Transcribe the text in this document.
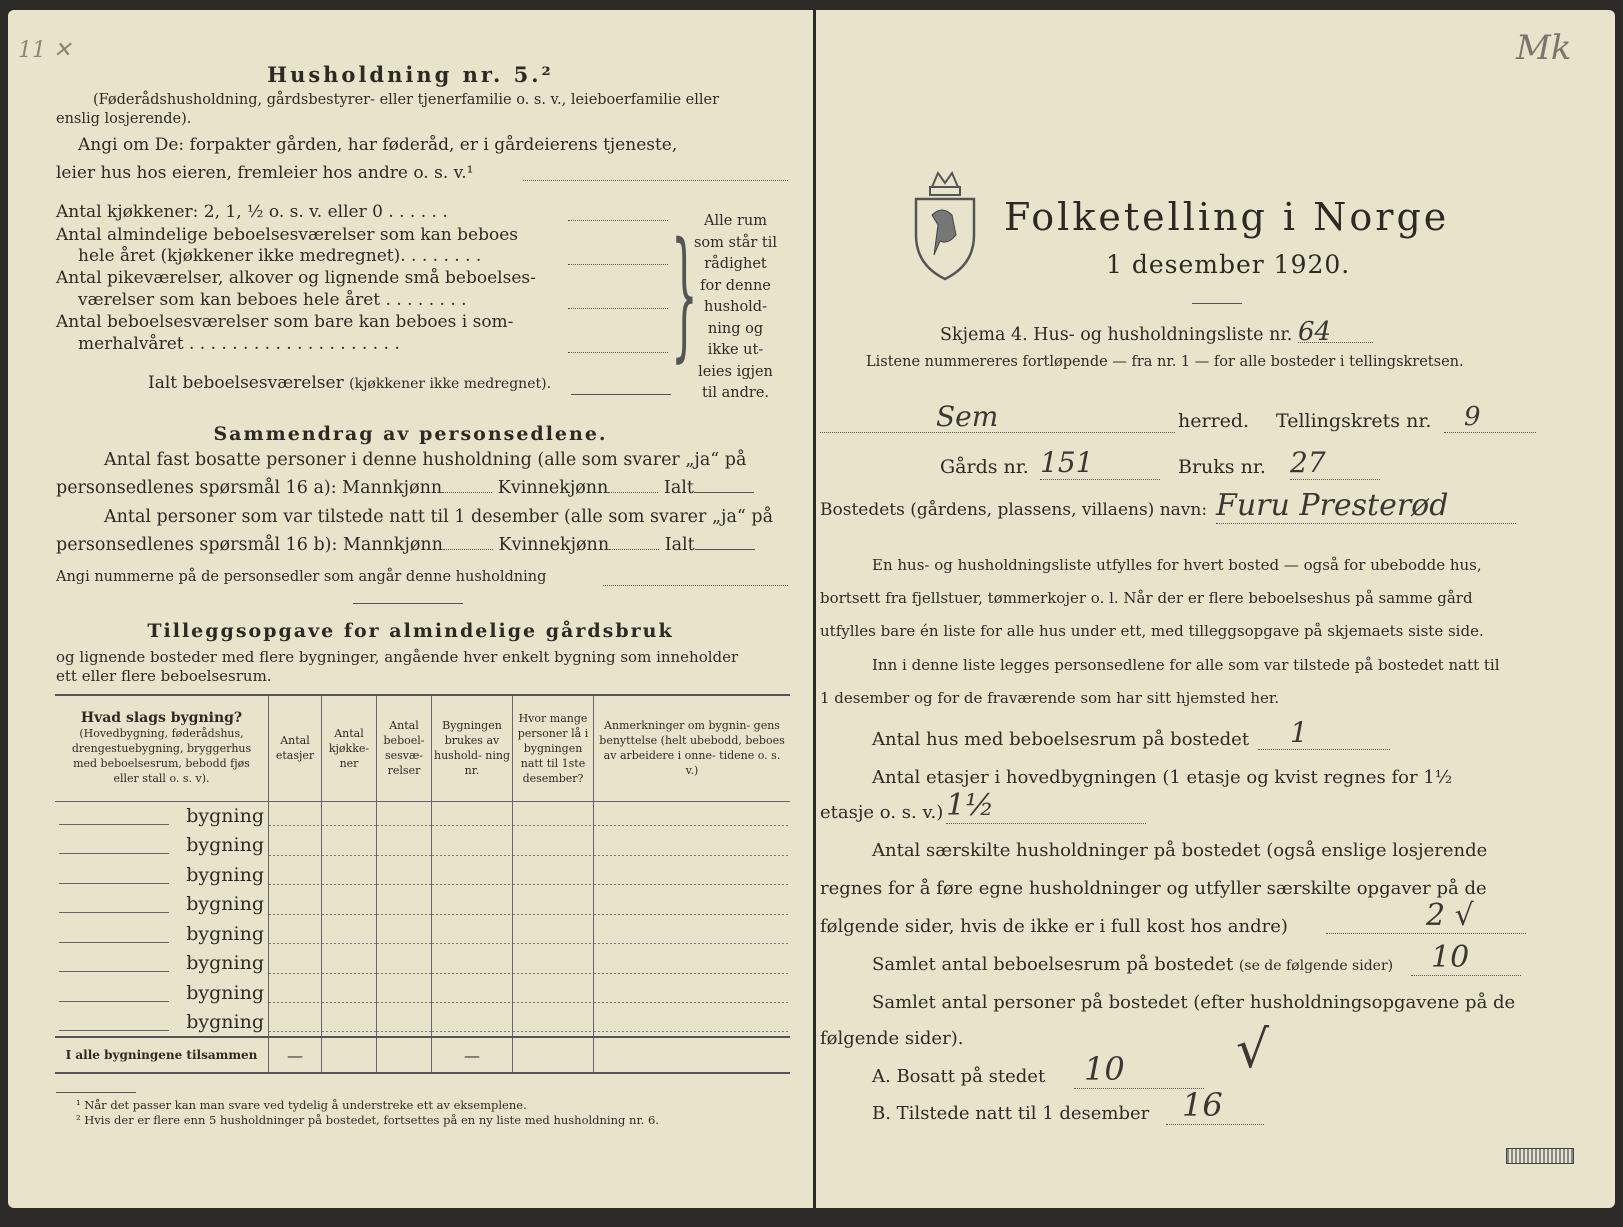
11 ✕
Husholdning nr. 5.²
(Føderådshusholdning, gårdsbestyrer- eller tjenerfamilie o. s. v., leieboerfamilie eller
enslig losjerende).
Angi om De: forpakter gården, har føderåd, er i gårdeierens tjeneste,
leier hus hos eieren, fremleier hos andre o. s. v.¹
Antal kjøkkener: 2, 1, ½ o. s. v. eller 0 . . . . . .
Antal almindelige beboelsesværelser som kan beboes
hele året (kjøkkener ikke medregnet). . . . . . . .
Antal pikeværelser, alkover og lignende små beboelses-
værelser som kan beboes hele året . . . . . . . .
Antal beboelsesværelser som bare kan beboes i som-
merhalvåret . . . . . . . . . . . . . . . . . . . . } Alle rum
som står til
rådighet
for denne
hushold-
ning og
ikke ut-
leies igjen
til andre.
Ialt beboelsesværelser (kjøkkener ikke medregnet).
Sammendrag av personsedlene.
Antal fast bosatte personer i denne husholdning (alle som svarer „ja“ på
personsedlenes spørsmål 16 a): Mannkjønn	Kvinnekjønn	Ialt
Antal personer som var tilstede natt til 1 desember (alle som svarer „ja“ på
personsedlenes spørsmål 16 b): Mannkjønn	Kvinnekjønn	Ialt
Angi nummerne på de personsedler som angår denne husholdning
Tilleggsopgave for almindelige gårdsbruk
og lignende bosteder med flere bygninger, angående hver enkelt bygning som inneholder
ett eller flere beboelsesrum.
Hvad slags bygning?
(Hovedbygning, føderådshus, drengestuebygning, bryggerhus med beboelsesrum, bebodd fjøs eller stall o. s. v).	Antal etasjer	Antal kjøkke- ner	Antal beboel- sesvæ- relser	Bygningen brukes av hushold- ning nr.	Hvor mange personer lå i bygningen natt til 1ste desember?	Anmerkninger om bygnin- gens benyttelse (helt ubebodd, beboes av arbeidere i onne- tidene o. s. v.)
bygning						
bygning						
bygning						
bygning						
bygning						
bygning						
bygning						
bygning						
I alle bygningene tilsammen	—			—		
¹ Når det passer kan man svare ved tydelig å understreke ett av eksemplene.
² Hvis der er flere enn 5 husholdninger på bostedet, fortsettes på en ny liste med husholdning nr. 6.
Mk
Folketelling i Norge
1 desember 1920.
Skjema 4. Hus- og husholdningsliste nr. 64
Listene nummereres fortløpende — fra nr. 1 — for alle bosteder i tellingskretsen.
Sem	herred. Tellingskrets nr.	9
Gårds nr. 151	Bruks nr. 27
Bostedets (gårdens, plassens, villaens) navn: Furu Presterød
En hus- og husholdningsliste utfylles for hvert bosted — også for ubebodde hus,
bortsett fra fjellstuer, tømmerkojer o. l. Når der er flere beboelseshus på samme gård
utfylles bare én liste for alle hus under ett, med tilleggsopgave på skjemaets siste side.
Inn i denne liste legges personsedlene for alle som var tilstede på bostedet natt til
1 desember og for de fraværende som har sitt hjemsted her.
Antal hus med beboelsesrum på bostedet	1
Antal etasjer i hovedbygningen (1 etasje og kvist regnes for 1½
etasje o. s. v.) 1½
Antal særskilte husholdninger på bostedet (også enslige losjerende
regnes for å føre egne husholdninger og utfyller særskilte opgaver på de
følgende sider, hvis de ikke er i full kost hos andre)	2 √
Samlet antal beboelsesrum på bostedet (se de følgende sider)	10
Samlet antal personer på bostedet (efter husholdningsopgavene på de
følgende sider).	√
A. Bosatt på stedet	10
B. Tilstede natt til 1 desember	16
